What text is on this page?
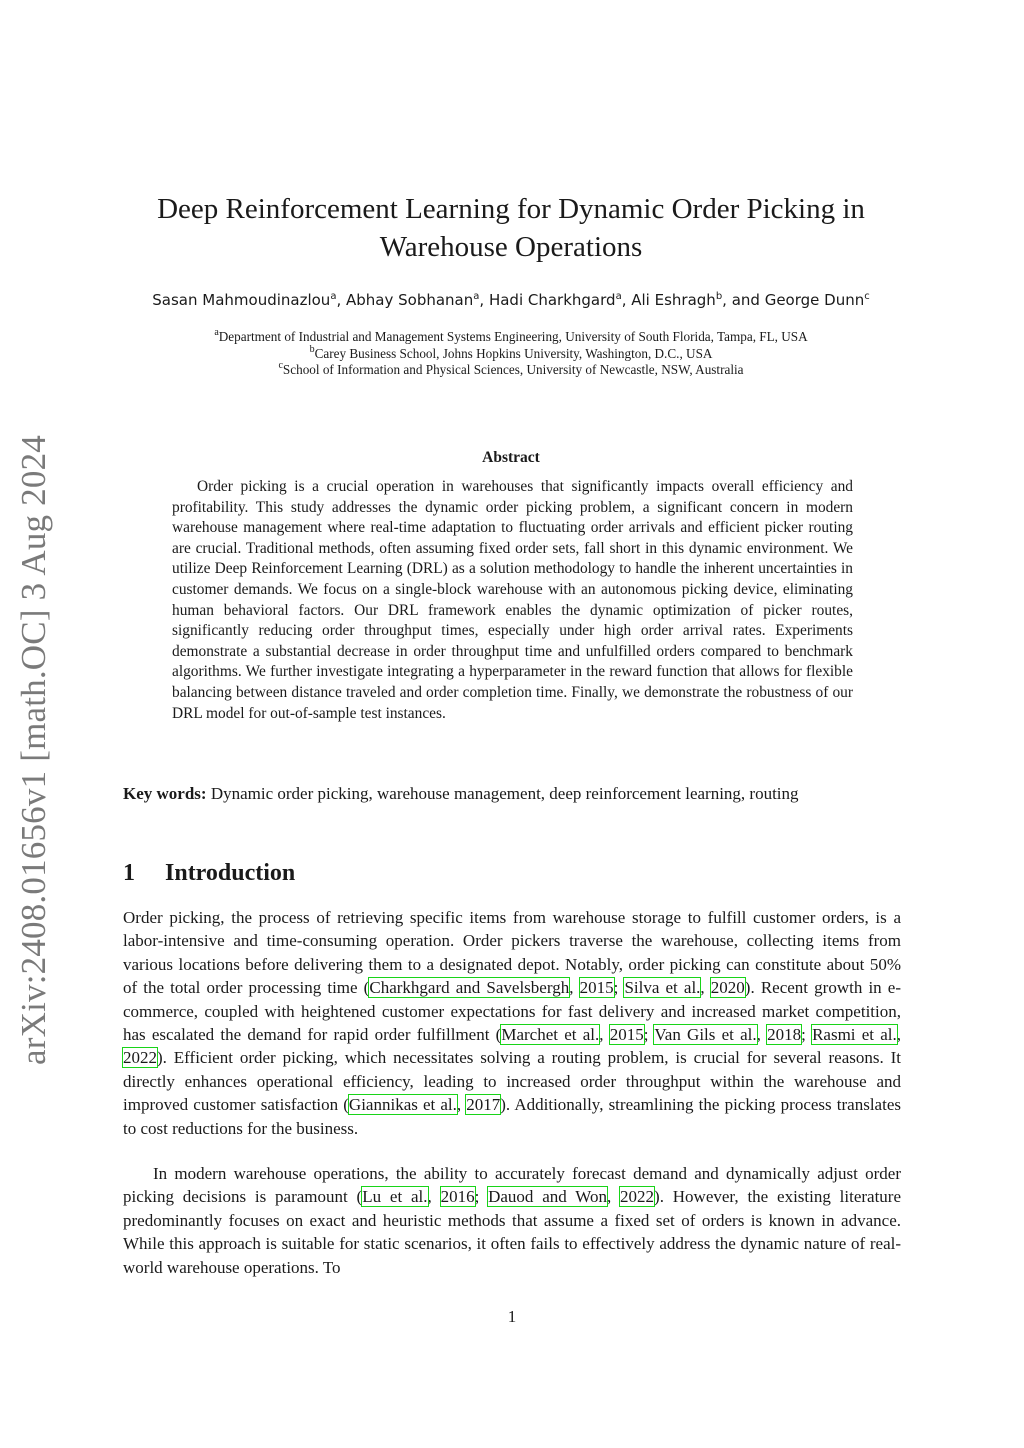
arXiv:2408.01656v1 [math.OC] 3 Aug 2024
Deep Reinforcement Learning for Dynamic Order Picking in Warehouse Operations
Sasan Mahmoudinazlou$^a$, Abhay Sobhanan$^a$, Hadi Charkhgard$^a$, Ali Eshragh$^b$, and George Dunn$^c$
$^a$Department of Industrial and Management Systems Engineering, University of South Florida, Tampa, FL, USA
$^b$Carey Business School, Johns Hopkins University, Washington, D.C., USA
$^c$School of Information and Physical Sciences, University of Newcastle, NSW, Australia
Abstract
Order picking is a crucial operation in warehouses that significantly impacts overall efficiency and profitability. This study addresses the dynamic order picking problem, a significant concern in modern warehouse management where real-time adaptation to fluctuating order arrivals and efficient picker routing are crucial. Traditional methods, often assuming fixed order sets, fall short in this dynamic environment. We utilize Deep Reinforcement Learning (DRL) as a solution methodology to handle the inherent uncertainties in customer demands. We focus on a single-block warehouse with an autonomous picking device, eliminating human behavioral factors. Our DRL framework enables the dynamic optimization of picker routes, significantly reducing order throughput times, especially under high order arrival rates. Experiments demonstrate a substantial decrease in order throughput time and unfulfilled orders compared to benchmark algorithms. We further investigate integrating a hyperparameter in the reward function that allows for flexible balancing between distance traveled and order completion time. Finally, we demonstrate the robustness of our DRL model for out-of-sample test instances.
Key words: Dynamic order picking, warehouse management, deep reinforcement learning, routing
1 Introduction
Order picking, the process of retrieving specific items from warehouse storage to fulfill customer orders, is a labor-intensive and time-consuming operation. Order pickers traverse the warehouse, collecting items from various locations before delivering them to a designated depot. Notably, order picking can constitute about 50% of the total order processing time (Charkhgard and Savelsbergh, 2015; Silva et al., 2020). Recent growth in e-commerce, coupled with heightened customer expectations for fast delivery and increased market competition, has escalated the demand for rapid order fulfillment (Marchet et al., 2015; Van Gils et al., 2018; Rasmi et al., 2022). Efficient order picking, which necessitates solving a routing problem, is crucial for several reasons. It directly enhances operational efficiency, leading to increased order throughput within the warehouse and improved customer satisfaction (Giannikas et al., 2017). Additionally, streamlining the picking process translates to cost reductions for the business.
In modern warehouse operations, the ability to accurately forecast demand and dynamically adjust order picking decisions is paramount (Lu et al., 2016; Dauod and Won, 2022). However, the existing literature predominantly focuses on exact and heuristic methods that assume a fixed set of orders is known in advance. While this approach is suitable for static scenarios, it often fails to effectively address the dynamic nature of real-world warehouse operations. To
1
